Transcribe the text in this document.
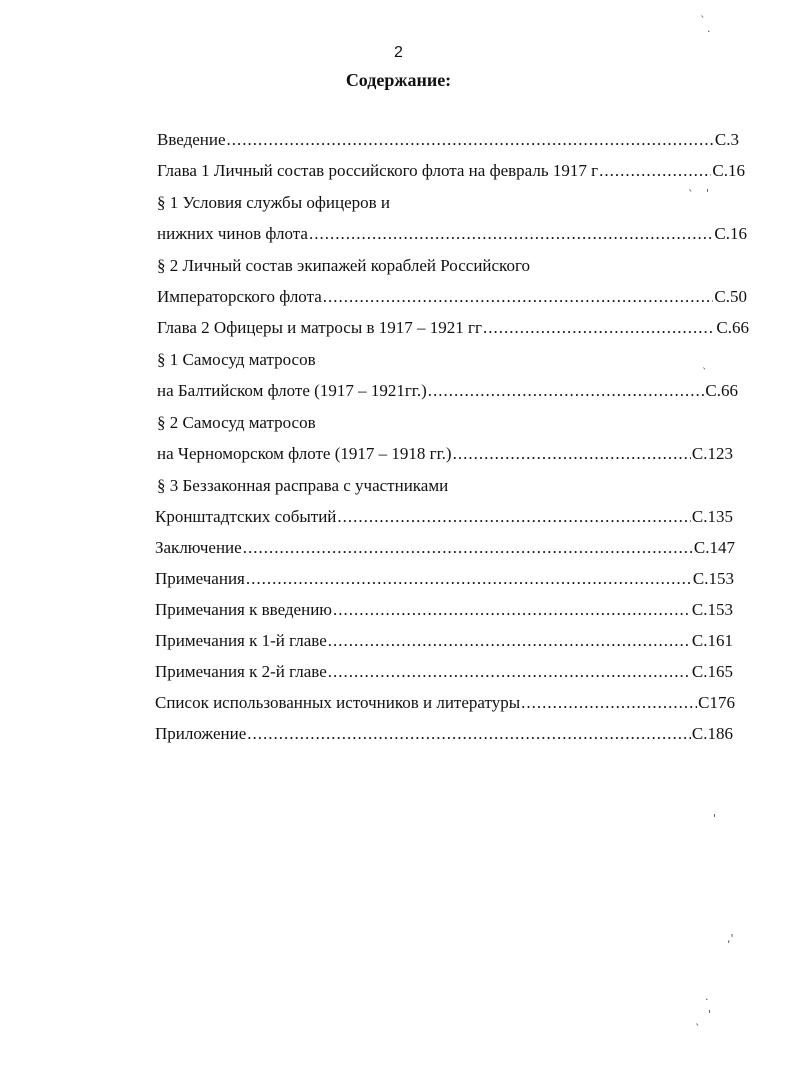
2
Содержание:
Введение .....	С.3
Глава 1 Личный состав российского флота на февраль 1917 г .....	С.16
§ 1 Условия службы офицеров и
нижних чинов флота .....	С.16
§ 2 Личный состав экипажей кораблей Российского
Императорского флота .....	С.50
Глава 2 Офицеры и матросы в 1917 – 1921 гг .....	С.66
§ 1 Самосуд матросов
на Балтийском флоте (1917 – 1921гг.) .....	С.66
§ 2 Самосуд матросов
на Черноморском флоте (1917 – 1918 гг.) .....	С.123
§ 3 Беззаконная расправа с участниками
Кронштадтских событий .....	С.135
Заключение .....	С.147
Примечания .....	С.153
Примечания к введению .....	С.153
Примечания к 1-й главе .....	С.161
Примечания к 2-й главе .....	С.165
Список использованных источников и литературы .....	С176
Приложение .....	С.186
`
.
` '
`
'
,'
.
'
`
